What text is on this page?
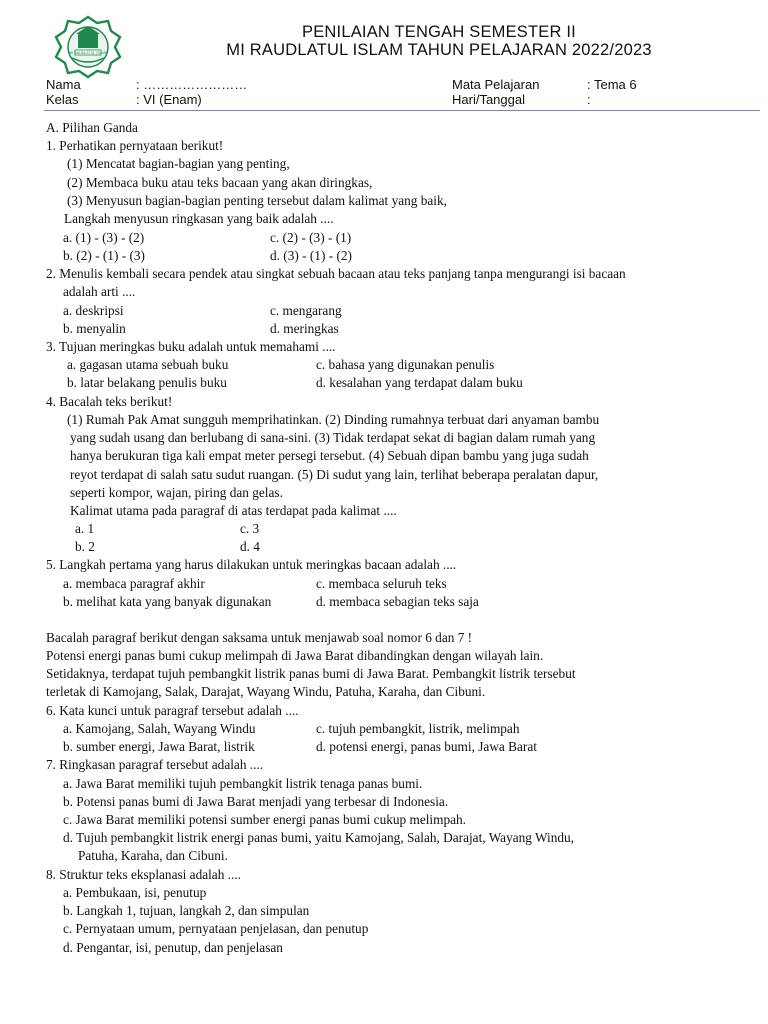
MI RAUDLATUL ISLAM
PENILAIAN TENGAH SEMESTER II
MI RAUDLATUL ISLAM TAHUN PELAJARAN 2022/2023
Nama	: ……………………
Kelas	: VI (Enam)
Mata Pelajaran	: Tema 6
Hari/Tanggal	:
A. Pilihan Ganda
1. Perhatikan pernyataan berikut!
(1) Mencatat bagian-bagian yang penting,
(2) Membaca buku atau teks bacaan yang akan diringkas,
(3) Menyusun bagian-bagian penting tersebut dalam kalimat yang baik,
Langkah menyusun ringkasan yang baik adalah ....
a. (1) - (3) - (2)	c. (2) - (3) - (1)
b. (2) - (1) - (3)	d. (3) - (1) - (2)
2. Menulis kembali secara pendek atau singkat sebuah bacaan atau teks panjang tanpa mengurangi isi bacaan
adalah arti ....
a. deskripsi	c. mengarang
b. menyalin	d. meringkas
3. Tujuan meringkas buku adalah untuk memahami ....
a. gagasan utama sebuah buku	c. bahasa yang digunakan penulis
b. latar belakang penulis buku	d. kesalahan yang terdapat dalam buku
4. Bacalah teks berikut!
(1) Rumah Pak Amat sungguh memprihatinkan. (2) Dinding rumahnya terbuat dari anyaman bambu
yang sudah usang dan berlubang di sana-sini. (3) Tidak terdapat sekat di bagian dalam rumah yang
hanya berukuran tiga kali empat meter persegi tersebut. (4) Sebuah dipan bambu yang juga sudah
reyot terdapat di salah satu sudut ruangan. (5) Di sudut yang lain, terlihat beberapa peralatan dapur,
seperti kompor, wajan, piring dan gelas.
Kalimat utama pada paragraf di atas terdapat pada kalimat ....
a. 1	c. 3
b. 2	d. 4
5. Langkah pertama yang harus dilakukan untuk meringkas bacaan adalah ....
a. membaca paragraf akhir	c. membaca seluruh teks
b. melihat kata yang banyak digunakan	d. membaca sebagian teks saja
Bacalah paragraf berikut dengan saksama untuk menjawab soal nomor 6 dan 7 !
Potensi energi panas bumi cukup melimpah di Jawa Barat dibandingkan dengan wilayah lain.
Setidaknya, terdapat tujuh pembangkit listrik panas bumi di Jawa Barat. Pembangkit listrik tersebut
terletak di Kamojang, Salak, Darajat, Wayang Windu, Patuha, Karaha, dan Cibuni.
6. Kata kunci untuk paragraf tersebut adalah ....
a. Kamojang, Salah, Wayang Windu	c. tujuh pembangkit, listrik, melimpah
b. sumber energi, Jawa Barat, listrik	d. potensi energi, panas bumi, Jawa Barat
7. Ringkasan paragraf tersebut adalah ....
a. Jawa Barat memiliki tujuh pembangkit listrik tenaga panas bumi.
b. Potensi panas bumi di Jawa Barat menjadi yang terbesar di Indonesia.
c. Jawa Barat memiliki potensi sumber energi panas bumi cukup melimpah.
d. Tujuh pembangkit listrik energi panas bumi, yaitu Kamojang, Salah, Darajat, Wayang Windu,
Patuha, Karaha, dan Cibuni.
8. Struktur teks eksplanasi adalah ....
a. Pembukaan, isi, penutup
b. Langkah 1, tujuan, langkah 2, dan simpulan
c. Pernyataan umum, pernyataan penjelasan, dan penutup
d. Pengantar, isi, penutup, dan penjelasan
